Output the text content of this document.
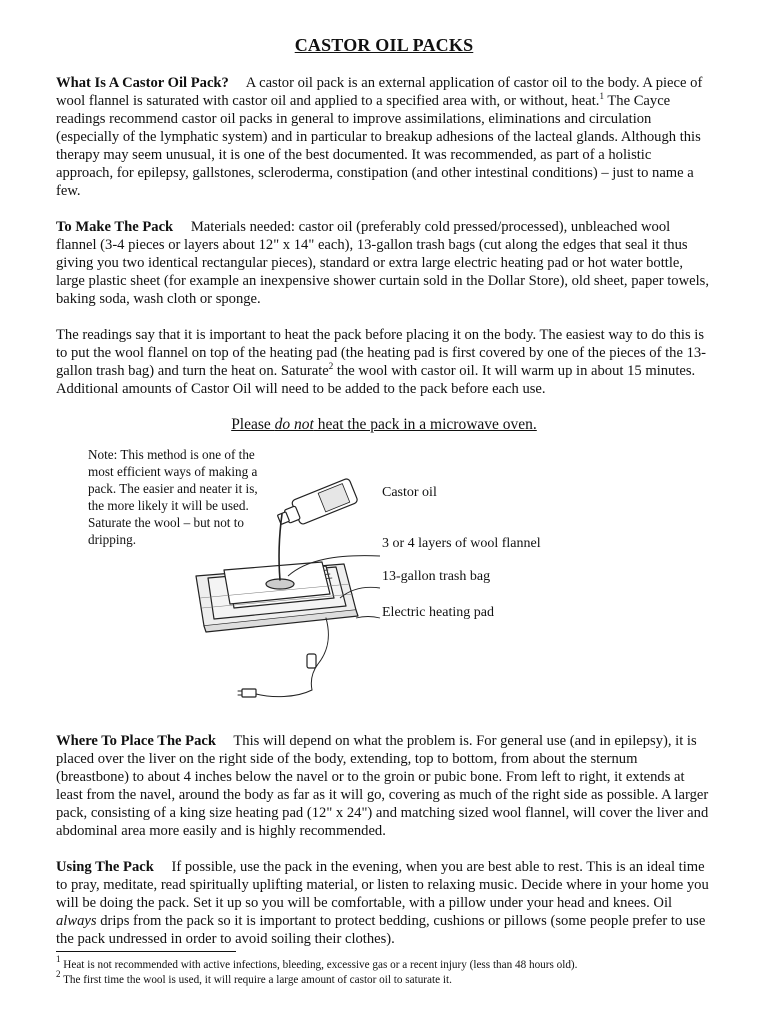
CASTOR OIL PACKS

What Is A Castor Oil Pack? A castor oil pack is an external application of castor oil to the body. A piece of wool flannel is saturated with castor oil and applied to a specified area with, or without, heat.$^1$ The Cayce readings recommend castor oil packs in general to improve assimilations, eliminations and circulation (especially of the lymphatic system) and in particular to breakup adhesions of the lacteal glands. Although this therapy may seem unusual, it is one of the best documented. It was recommended, as part of a holistic approach, for epilepsy, gallstones, scleroderma, constipation (and other intestinal conditions) – just to name a few.

To Make The Pack Materials needed: castor oil (preferably cold pressed/processed), unbleached wool flannel (3-4 pieces or layers about 12" x 14" each), 13-gallon trash bags (cut along the edges that seal it thus giving you two identical rectangular pieces), standard or extra large electric heating pad or hot water bottle, large plastic sheet (for example an inexpensive shower curtain sold in the Dollar Store), old sheet, paper towels, baking soda, wash cloth or sponge.

The readings say that it is important to heat the pack before placing it on the body. The easiest way to do this is to put the wool flannel on top of the heating pad (the heating pad is first covered by one of the pieces of the 13-gallon trash bag) and turn the heat on. Saturate$^2$ the wool with castor oil. It will warm up in about 15 minutes. Additional amounts of Castor Oil will need to be added to the pack before each use.

Please do not heat the pack in a microwave oven.
Note: This method is one of the most efficient ways of making a pack. The easier and neater it is, the more likely it will be used. Saturate the wool – but not to dripping.
Castor oil
3 or 4 layers of wool flannel
13-gallon trash bag
Electric heating pad

Where To Place The Pack This will depend on what the problem is. For general use (and in epilepsy), it is placed over the liver on the right side of the body, extending, top to bottom, from about the sternum (breastbone) to about 4 inches below the navel or to the groin or pubic bone. From left to right, it extends at least from the navel, around the body as far as it will go, covering as much of the right side as possible. A larger pack, consisting of a king size heating pad (12" x 24") and matching sized wool flannel, will cover the liver and abdominal area more easily and is highly recommended.

Using The Pack If possible, use the pack in the evening, when you are best able to rest. This is an ideal time to pray, meditate, read spiritually uplifting material, or listen to relaxing music. Decide where in your home you will be doing the pack. Set it up so you will be comfortable, with a pillow under your head and knees. Oil always drips from the pack so it is important to protect bedding, cushions or pillows (some people prefer to use the pack undressed in order to avoid soiling their clothes).

$^1$ Heat is not recommended with active infections, bleeding, excessive gas or a recent injury (less than 48 hours old).
$^2$ The first time the wool is used, it will require a large amount of castor oil to saturate it.
